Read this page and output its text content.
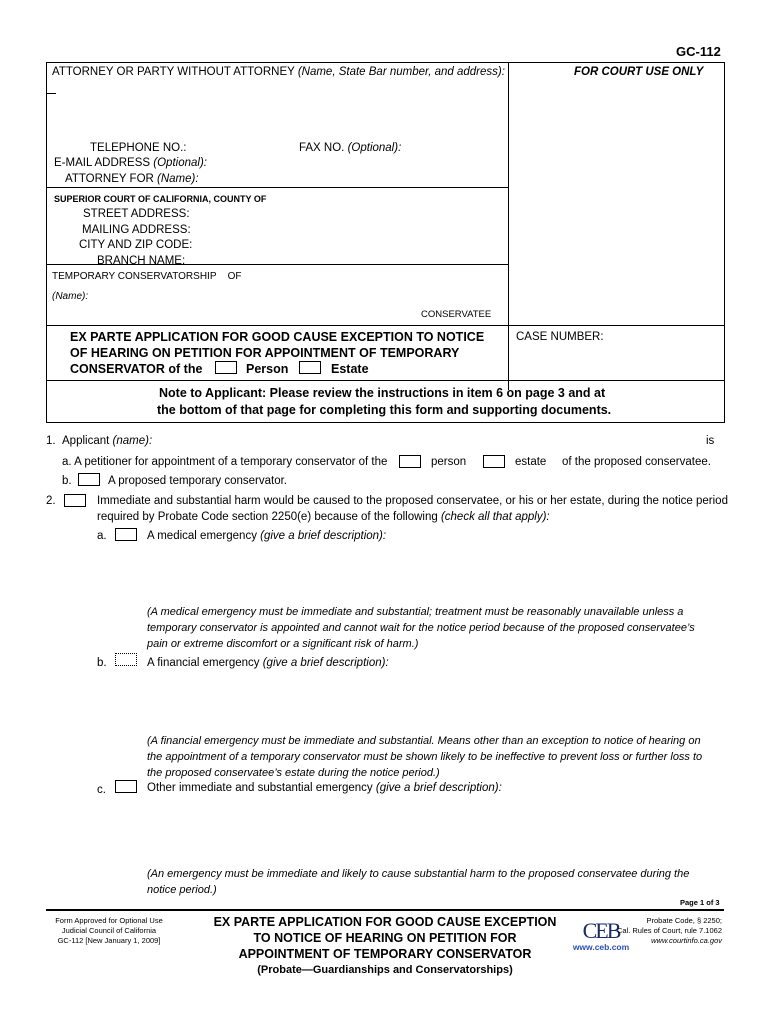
GC-112
ATTORNEY OR PARTY WITHOUT ATTORNEY (Name, State Bar number, and address):	FOR COURT USE ONLY
TELEPHONE NO.:	FAX NO. (Optional):
E-MAIL ADDRESS (Optional):
ATTORNEY FOR (Name):
SUPERIOR COURT OF CALIFORNIA, COUNTY OF
STREET ADDRESS:
MAILING ADDRESS:
CITY AND ZIP CODE:
BRANCH NAME:
TEMPORARY CONSERVATORSHIP OF
(Name):
CONSERVATEE
EX PARTE APPLICATION FOR GOOD CAUSE EXCEPTION TO NOTICE
OF HEARING ON PETITION FOR APPOINTMENT OF TEMPORARY
CONSERVATOR of the	Person	Estate
CASE NUMBER:
Note to Applicant: Please review the instructions in item 6 on page 3 and at
the bottom of that page for completing this form and supporting documents.
1. Applicant (name):	is
a. A petitioner for appointment of a temporary conservator of the	person	estate of the proposed conservatee.
b.	A proposed temporary conservator.
2.	Immediate and substantial harm would be caused to the proposed conservatee, or his or her estate, during the notice period
required by Probate Code section 2250(e) because of the following (check all that apply):
a.	A medical emergency (give a brief description):
(A medical emergency must be immediate and substantial; treatment must be reasonably unavailable unless a
temporary conservator is appointed and cannot wait for the notice period because of the proposed conservatee’s
pain or extreme discomfort or a significant risk of harm.)
b.	A financial emergency (give a brief description):
(A financial emergency must be immediate and substantial. Means other than an exception to notice of hearing on
the appointment of a temporary conservator must be shown likely to be ineffective to prevent loss or further loss to
the proposed conservatee’s estate during the notice period.)
c.	Other immediate and substantial emergency (give a brief description):
(An emergency must be immediate and likely to cause substantial harm to the proposed conservatee during the
notice period.)
Page 1 of 3
Form Approved for Optional Use
Judicial Council of California
GC-112 [New January 1, 2009]
EX PARTE APPLICATION FOR GOOD CAUSE EXCEPTION
TO NOTICE OF HEARING ON PETITION FOR
APPOINTMENT OF TEMPORARY CONSERVATOR
(Probate—Guardianships and Conservatorships)
CEB
www.ceb.com
Probate Code, § 2250;
Cal. Rules of Court, rule 7.1062
www.courtinfo.ca.gov
